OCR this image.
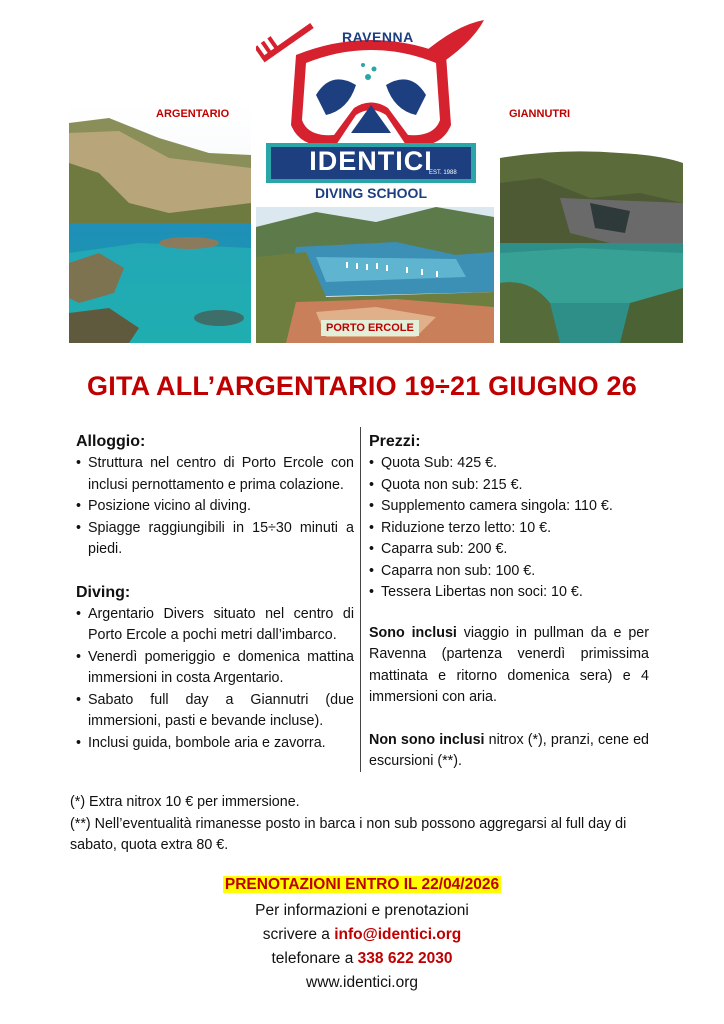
ARGENTARIO	GIANNUTRI
PORTO ERCOLE
RAVENNA
IDENTICI
EST. 1988
DIVING SCHOOL
GITA ALL’ARGENTARIO 19÷21 GIUGNO 26
Alloggio:
• Struttura nel centro di Porto Ercole con inclusi pernottamento e prima colazione.
• Posizione vicino al diving.
• Spiagge raggiungibili in 15÷30 minuti a piedi.
Diving:
• Argentario Divers situato nel centro di Porto Ercole a pochi metri dall’imbarco.
• Venerdì pomeriggio e domenica mattina immersioni in costa Argentario.
• Sabato full day a Giannutri (due immersioni, pasti e bevande incluse).
• Inclusi guida, bombole aria e zavorra.
Prezzi:
• Quota Sub: 425 €.
• Quota non sub: 215 €.
• Supplemento camera singola: 110 €.
• Riduzione terzo letto: 10 €.
• Caparra sub: 200 €.
• Caparra non sub: 100 €.
• Tessera Libertas non soci: 10 €.

Sono inclusi viaggio in pullman da e per Ravenna (partenza venerdì primissima mattinata e ritorno domenica sera) e 4 immersioni con aria.

Non sono inclusi nitrox (*), pranzi, cene ed escursioni (**).

(*) Extra nitrox 10 € per immersione.
(**) Nell’eventualità rimanesse posto in barca i non sub possono aggregarsi al full day di sabato, quota extra 80 €.
PRENOTAZIONI ENTRO IL 22/04/2026
Per informazioni e prenotazioni
scrivere a info@identici.org
telefonare a 338 622 2030
www.identici.org
